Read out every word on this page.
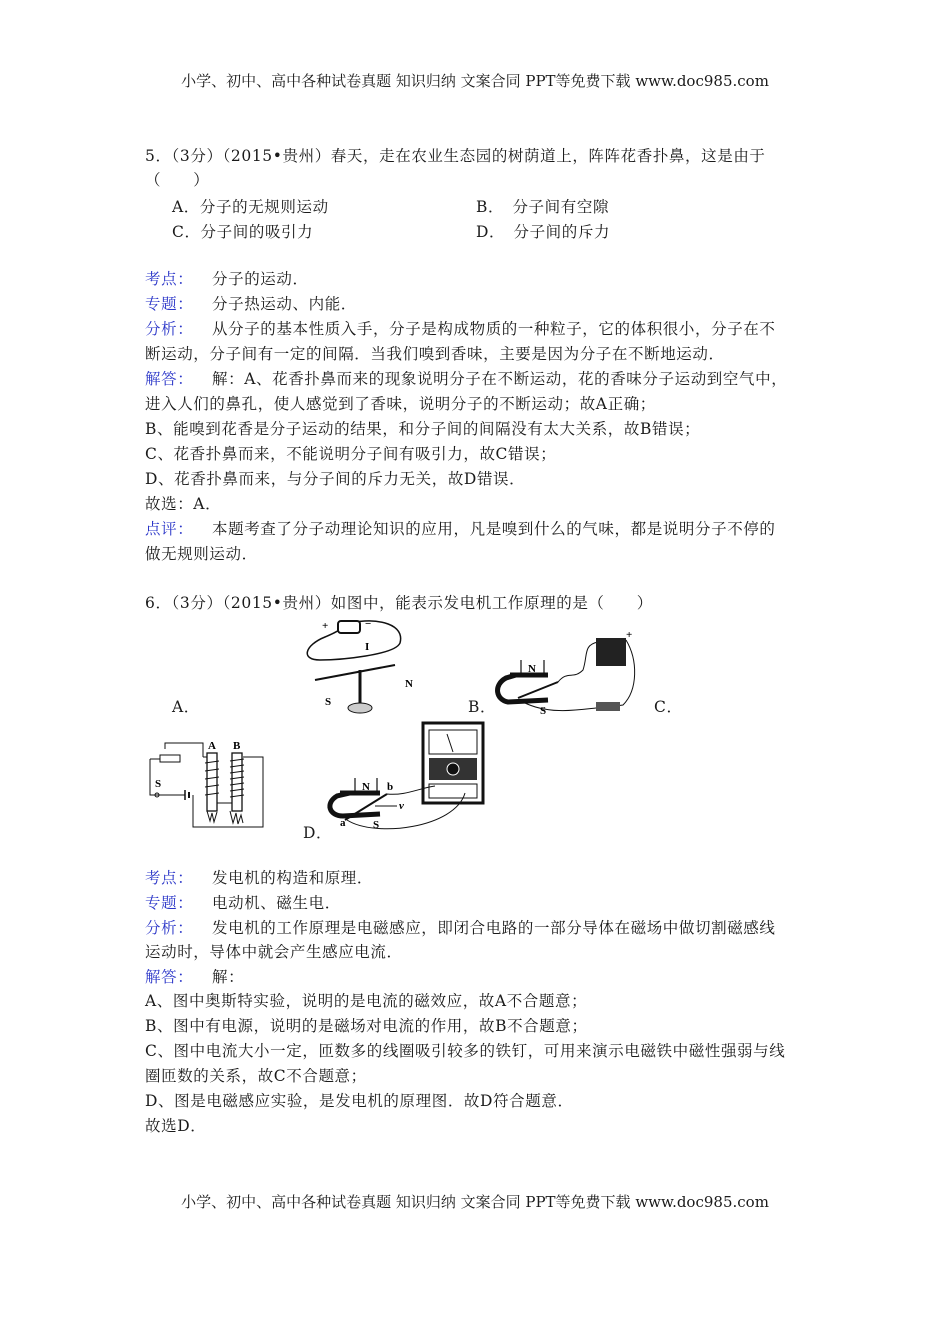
小学、初中、高中各种试卷真题 知识归纳 文案合同 PPT等免费下载 www.doc985.com
5．（3分）（2015•贵州）春天，走在农业生态园的树荫道上，阵阵花香扑鼻，这是由于
（　　）
A．分子的无规则运动	B．　分子间有空隙
C．分子间的吸引力	D．　分子间的斥力
考点： 分子的运动．
专题： 分子热运动、内能．
分析： 从分子的基本性质入手，分子是构成物质的一种粒子，它的体积很小，分子在不
断运动，分子间有一定的间隔．当我们嗅到香味，主要是因为分子在不断地运动．
解答： 解：A、花香扑鼻而来的现象说明分子在不断运动，花的香味分子运动到空气中，
进入人们的鼻孔，使人感觉到了香味，说明分子的不断运动；故A正确；
B、能嗅到花香是分子运动的结果，和分子间的间隔没有太大关系，故B错误；
C、花香扑鼻而来，不能说明分子间有吸引力，故C错误；
D、花香扑鼻而来，与分子间的斥力无关，故D错误．
故选：A．
点评： 本题考查了分子动理论知识的应用，凡是嗅到什么的气味，都是说明分子不停的
做无规则运动．
6．（3分）（2015•贵州）如图中，能表示发电机工作原理的是（　　）
A．	B．	C．
D．
+	−
I
S
N
N
S
+
A B
S	N
S
a
b
v
考点： 发电机的构造和原理．
专题： 电动机、磁生电．
分析： 发电机的工作原理是电磁感应，即闭合电路的一部分导体在磁场中做切割磁感线
运动时，导体中就会产生感应电流．
解答： 解：
A、图中奥斯特实验，说明的是电流的磁效应，故A不合题意；
B、图中有电源，说明的是磁场对电流的作用，故B不合题意；
C、图中电流大小一定，匝数多的线圈吸引较多的铁钉，可用来演示电磁铁中磁性强弱与线
圈匝数的关系，故C不合题意；
D、图是电磁感应实验，是发电机的原理图．故D符合题意．
故选D．
小学、初中、高中各种试卷真题 知识归纳 文案合同 PPT等免费下载 www.doc985.com
